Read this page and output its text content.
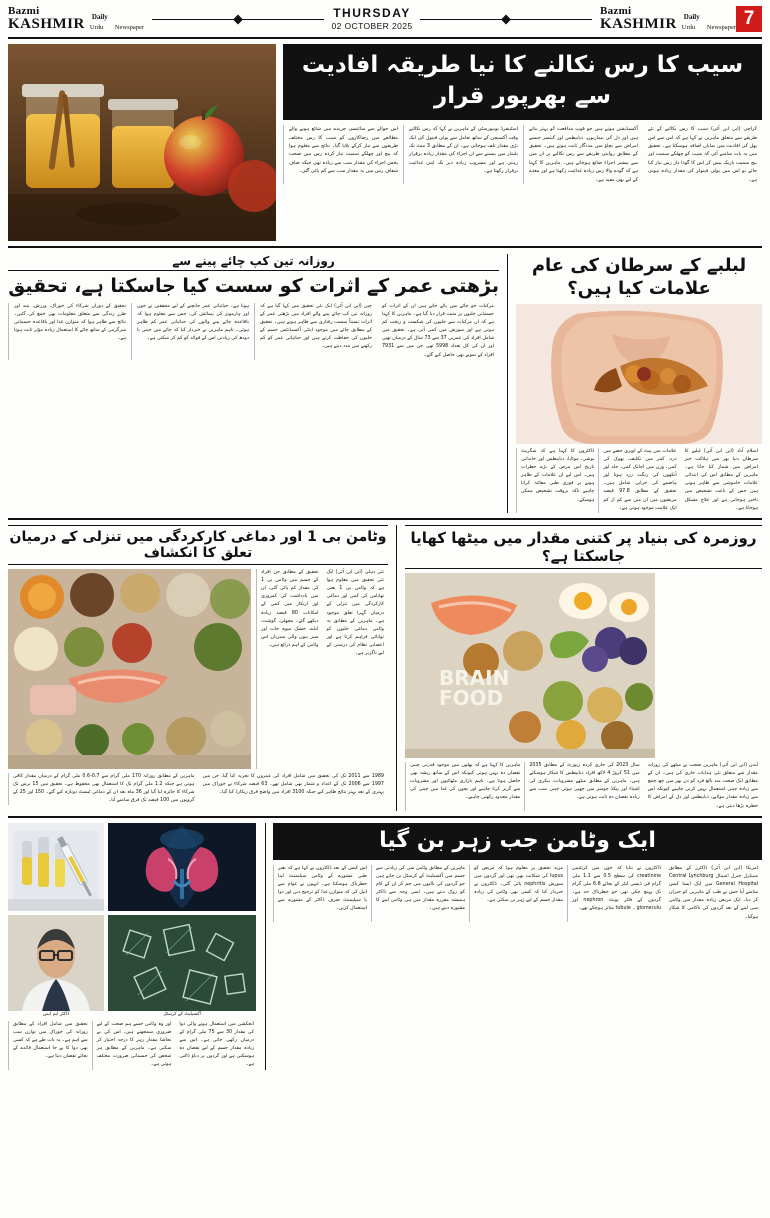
Bazmi
KASHMIR Daily
Urdu	Newspaper
THURSDAY
02 OCTOBER 2025
Bazmi
KASHMIR Daily
Urdu	Newspaper 7
سیب کا رس نکالنے کا نیا طریقہ افادیت سے بھرپور قرار
اس حوالے سے سائنسی جریدے میں شائع ہونے والے مطالعے میں رضاکاروں کو سیب کا رس مختلف طریقوں سے تیار کرکے پلایا گیا۔ نتائج سے معلوم ہوا کہ بیج اور چھلکے سمیت تیار کردہ رس میں صحت بخش اجزاء کی مقدار سب سے زیادہ تھی جبکہ صاف شفاف رس میں یہ مقدار سب سے کم پائی گئی۔
اسٹینفرڈ یونیورسٹی کے ماہرین نے کہا کہ رس نکالتے وقت آکسیجن کے ساتھ تعامل سے پولی فینول کی ایک بڑی مقدار تلف ہوجاتی ہے۔ ان کے مطابق 3 منٹ تک بلینڈر میں پیسنے سے ان اجزاء کی مقدار زیادہ برقرار رہتی ہے اور مشروب زیادہ دیر تک اپنی غذائیت برقرار رکھتا ہے۔
آکسیڈیشن ہوتے ہیں جو قوتِ مدافعت کو بہتر بناتے ہیں اور دل کی بیماریوں، ذیابیطس اور کینسر جیسے امراض سے بچاؤ میں مددگار ثابت ہوتے ہیں۔ تحقیق کے مطابق روایتی طریقے سے رس نکالنے پر ان میں سے بیشتر اجزاء ضائع ہوجاتے ہیں۔ ماہرین کا کہنا ہے کہ گودے والا رس زیادہ غذائیت رکھتا ہے اور معدے کے لیے بھی مفید ہے۔
کراچی (این این آئی) سیب کا رس نکالنے کے نئے طریقے سے متعلق ماہرین نے کہا ہے کہ اس سے اس پھل کی افادیت میں نمایاں اضافہ ہوسکتا ہے۔ تحقیق میں یہ بات سامنے آئی کہ سیب کو چھلکے سمیت اور بیج سمیت باریک پیس کر اس کا گودا دار رس تیار کیا جائے تو اس میں پولی فینولز کی مقدار زیادہ ہوتی ہے۔
روزانہ تین کپ چائے پینے سے
بڑھتی عمر کے اثرات کو سست کیا جاسکتا ہے، تحقیق
تحقیق کے دوران شرکاء کی خوراک، ورزش، نیند اور طرزِ زندگی سے متعلق معلومات بھی جمع کی گئیں۔ نتائج سے ظاہر ہوا کہ متوازن غذا اور باقاعدہ جسمانی سرگرمی کے ساتھ چائے کا استعمال زیادہ مؤثر ثابت ہوتا ہے۔
ہوتا ہے۔ حیاتیاتی عمر جانچنے کے لیے محققین نے خون اور ہارمونز کی پیمائش کی، جس سے معلوم ہوا کہ باقاعدہ چائے پینے والوں کی حیاتیاتی عمر کم ظاہر ہوئی۔ تاہم ماہرین نے خبردار کیا کہ چائے میں چینی یا دودھ کی زیادتی اس کے فوائد کو کم کر سکتی ہے۔
چین (این این آئی) ایک نئی تحقیق میں کہا گیا ہے کہ روزانہ تین کپ چائے پینے والے افراد میں بڑھتی عمر کے اثرات نسبتاً سست رفتاری سے ظاہر ہوتے ہیں۔ تحقیق کے مطابق چائے میں موجود اینٹی آکسیڈنٹس جسم کے خلیوں کی حفاظت کرتے ہیں اور حیاتیاتی عمر کو کم رکھنے میں مدد دیتے ہیں۔
مرکبات جو چائے میں پائے جاتے ہیں ان کے اثرات کو جسمانی خلیوں پر مثبت قرار دیا گیا ہے۔ ماہرین کا کہنا ہے کہ ان مرکبات سے خلیوں کی شکست و ریخت کم ہوتی ہے اور سوزش میں کمی آتی ہے۔ تحقیق میں شامل افراد کی عمریں 37 سے 73 سال کے درمیان تھیں اور ان کی کل تعداد 5998 تھی جن میں سے 7931 افراد کے نمونے بھی حاصل کیے گئے۔
لبلبے کے سرطان کی عام علامات کیا ہیں؟
ڈاکٹروں کا کہنا ہے کہ سگریٹ نوشی، موٹاپا، ذیابیطس اور خاندانی تاریخ اس مرض کے بڑے خطرات ہیں۔ اس لیے ان علامات کے ظاہر ہونے پر فوری طبی معائنہ کرانا چاہیے تاکہ بروقت تشخیص ممکن ہوسکے۔
علامات میں پیٹ کے اوپری حصے میں درد، کمر میں تکلیف، بھوک کی کمی، وزن میں اچانک کمی، جلد اور آنکھوں کی رنگت زرد ہونا اور ہاضمے کی خرابی شامل ہیں۔ تحقیق کے مطابق 97.8 فیصد مریضوں میں ان میں سے کم از کم ایک علامت موجود ہوتی ہے۔
اسلام آباد (این این آئی) لبلبے کا سرطان دنیا بھر میں ہلاکت خیز امراض میں شمار کیا جاتا ہے۔ ماہرین کے مطابق اس کی ابتدائی علامات خاموشی سے ظاہر ہوتی ہیں جس کے باعث تشخیص میں تاخیر ہوجاتی ہے اور علاج مشکل ہوجاتا ہے۔
وٹامن بی 1 اور دماغی کارکردگی میں تنزلی کے درمیان تعلق کا انکشاف
تحقیق کے مطابق جن افراد کے جسم میں وٹامن بی 1 کی مقدار کم پائی گئی، ان میں یادداشت کی کمزوری اور ارتکاز میں کمی کے امکانات 80 فیصد زیادہ دیکھے گئے۔ مچھلی، گوشت، انڈے، خشک میوہ جات اور سبز پتوں والی سبزیاں اس وٹامن کے اہم ذرائع ہیں۔
نئی دہلی (این این آئی) ایک نئی تحقیق میں معلوم ہوا ہے کہ وٹامن بی 1 یعنی تھایامن کی کمی اور دماغی کارکردگی میں تنزلی کے درمیان گہرا تعلق موجود ہے۔ ماہرین کے مطابق یہ وٹامن دماغی خلیوں کو توانائی فراہم کرتا ہے اور اعصابی نظام کی درستی کے لیے ناگزیر ہے۔
ماہرین کے مطابق روزانہ 170 ملی گرام سے 0.7-0.6 ملی گرام کے درمیان مقدار کافی ہوتی ہے جبکہ 1.2 ملی گرام تک کا استعمال بھی محفوظ ہے۔ تحقیق میں 15 برس تک شرکاء کا جائزہ لیا گیا اور 36 ماہ بعد ان کے دماغی ٹیسٹ دوبارہ کیے گئے۔ 150 اور 25 کے گروپوں میں 100 فیصد تک فرق سامنے آیا۔
1989 سے 2011 تک کی تحقیق میں شامل افراد کی عمروں کا تجزیہ کیا گیا، جن میں 1997 سے 2006 تک کے اعداد و شمار بھی شامل تھے۔ 63 فیصد شرکاء نے خوراک میں بہتری کے بعد بہتر نتائج ظاہر کیے جبکہ 3100 افراد میں واضح فرق ریکارڈ کیا گیا۔
روزمرہ کی بنیاد پر کتنی مقدار میں میٹھا کھایا جاسکتا ہے؟
BRAIN
FOOD
ماہرین کا کہنا ہے کہ پھلوں میں موجود قدرتی چینی نقصان دہ نہیں ہوتی کیونکہ اس کے ساتھ ریشہ بھی حاصل ہوتا ہے۔ تاہم بازاری مٹھائیوں اور مشروبات سے گریز کرنا چاہیے اور بچوں کی غذا میں چینی کی مقدار محدود رکھنی چاہیے۔
سال 2023 کی جاری کردہ رپورٹ کے مطابق 2035 میں 51 کروڑ 4 لاکھ افراد ذیابیطس کا شکار ہوسکتے ہیں۔ ماہرین کے مطابق میٹھے مشروبات، بیکری کی اشیاء اور پیکڈ جوسز میں چھپی ہوئی چینی سب سے زیادہ نقصان دہ ثابت ہوتی ہے۔
لندن (این این آئی) ماہرین صحت نے میٹھے کی روزانہ مقدار سے متعلق نئی ہدایات جاری کی ہیں۔ ان کے مطابق ایک صحت مند بالغ فرد کو دن بھر میں چھ چمچ سے زیادہ چینی استعمال نہیں کرنی چاہیے کیونکہ اس سے زیادہ مقدار موٹاپے، ذیابیطس اور دل کے امراض کا خطرہ بڑھا دیتی ہے۔
ڈاکٹر ایم ایس	آکسیلیٹ کے کرسٹل
تحقیق میں شامل افراد کے مطابق روزانہ کی خوراک میں توازن سب سے اہم ہے۔ یہ بات طے ہے کہ کسی بھی دوا کا بے جا استعمال فائدے کے بجائے نقصان دیتا ہے۔
اور وہ وٹامن جسے ہم صحت کے لیے ضروری سمجھتے ہیں، اس کی بے تحاشا مقدار زہر کا درجہ اختیار کر سکتی ہے۔ ماہرین کے مطابق ہر شخص کی جسمانی ضرورت مختلف ہوتی ہے۔
انجکشن میں استعمال ہونے والی دوا کی مقدار 30 سے 75 ملی گرام کے درمیان رکھی جاتی ہے۔ اس سے زیادہ مقدار جسم کے لیے نقصان دہ ہوسکتی ہے اور گردوں پر دباؤ ڈالتی ہے۔
ایک وٹامن جب زہر بن گیا
اس کیس کے بعد ڈاکٹروں نے کہا ہے کہ بغیر طبی مشورے کے وٹامن سپلیمنٹ لینا خطرناک ہوسکتا ہے۔ انہوں نے عوام سے اپیل کی کہ متوازن غذا کو ترجیح دیں اور دوا یا سپلیمنٹ صرف ڈاکٹر کے مشورے سے استعمال کریں۔
ماہرین کے مطابق وٹامن سی کی زیادتی سے جسم میں آکسیلیٹ کے کرسٹل بن جاتے ہیں جو گردوں کی نالیوں میں جم کر ان کے کام کو روک دیتے ہیں۔ اسی وجہ سے ڈاکٹر ہمیشہ مقررہ مقدار میں ہی وٹامن لینے کا مشورہ دیتے ہیں۔
مزید تحقیق پر معلوم ہوا کہ مریض کو lupus کی شکایت بھی تھی اور گردوں میں سوزش nephritis پائی گئی۔ ڈاکٹروں نے خبردار کیا کہ کسی بھی وٹامن کی زیادہ مقدار جسم کے لیے زہر بن سکتی ہے۔
ڈاکٹروں نے بتایا کہ خون میں کریٹینین creatinine کی سطح 0.5 سے 1.1 ملی گرام فی ڈیسی لیٹر کے بجائے 6.8 ملی گرام تک پہنچ چکی تھی جو خطرناک حد ہے۔ گردوں کے فلٹر یونٹ nephron اور glomerulu ۔ tubule متاثر ہوچکے تھے۔
امریکا (این این آئی) ڈاکٹرز کے مطابق سینٹرل جنرل اسپتال Central Lynchburg General Hospital میں ایک ایسا کیس سامنے آیا جس نے طب کے ماہرین کو حیران کر دیا۔ ایک مریض زیادہ مقدار میں وٹامن سی لینے کے بعد گردوں کی ناکامی کا شکار ہوگیا۔
